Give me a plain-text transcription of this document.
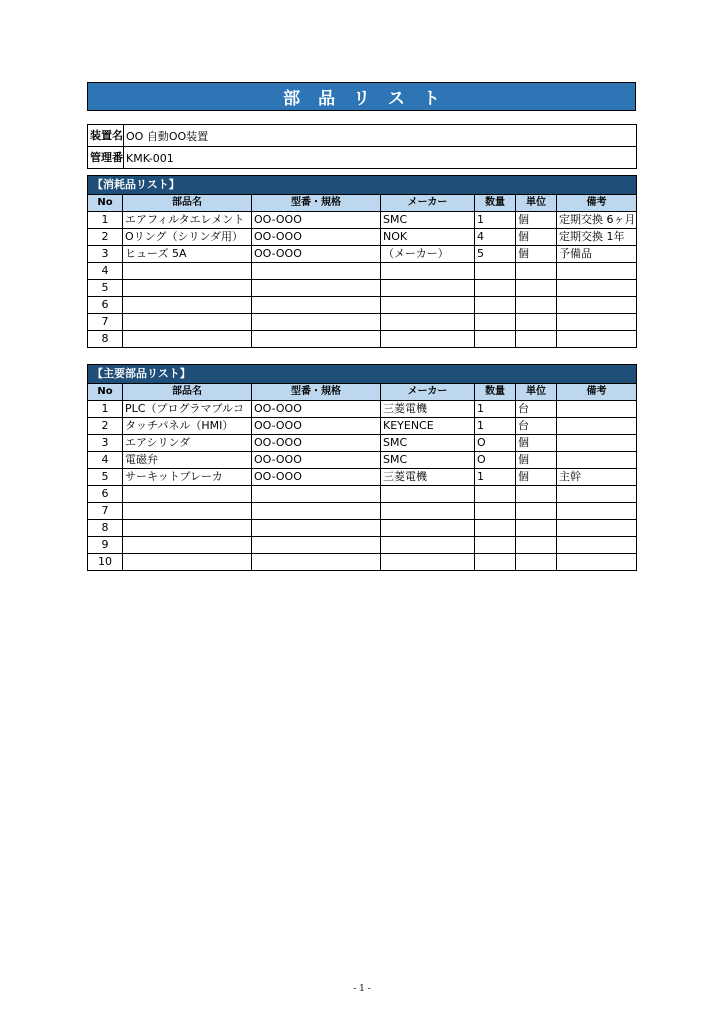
部品リスト
装置名	OO 自動OO装置
管理番	KMK-001
【消耗品リスト】						
No	部品名	型番・規格	メーカー	数量	単位	備考
1	エアフィルタエレメント	OO-OOO	SMC	1	個	定期交換 6ヶ月
2	Oリング（シリンダ用）	OO-OOO	NOK	4	個	定期交換 1年
3	ヒューズ 5A	OO-OOO	（メーカー）	5	個	予備品
4						
5						
6						
7						
8						
【主要部品リスト】						
No	部品名	型番・規格	メーカー	数量	単位	備考
1	PLC（プログラマブルコ	OO-OOO	三菱電機	1	台	
2	タッチパネル（HMI）	OO-OOO	KEYENCE	1	台	
3	エアシリンダ	OO-OOO	SMC	O	個	
4	電磁弁	OO-OOO	SMC	O	個	
5	サーキットブレーカ	OO-OOO	三菱電機	1	個	主幹
6						
7						
8						
9						
10						
- 1 -
